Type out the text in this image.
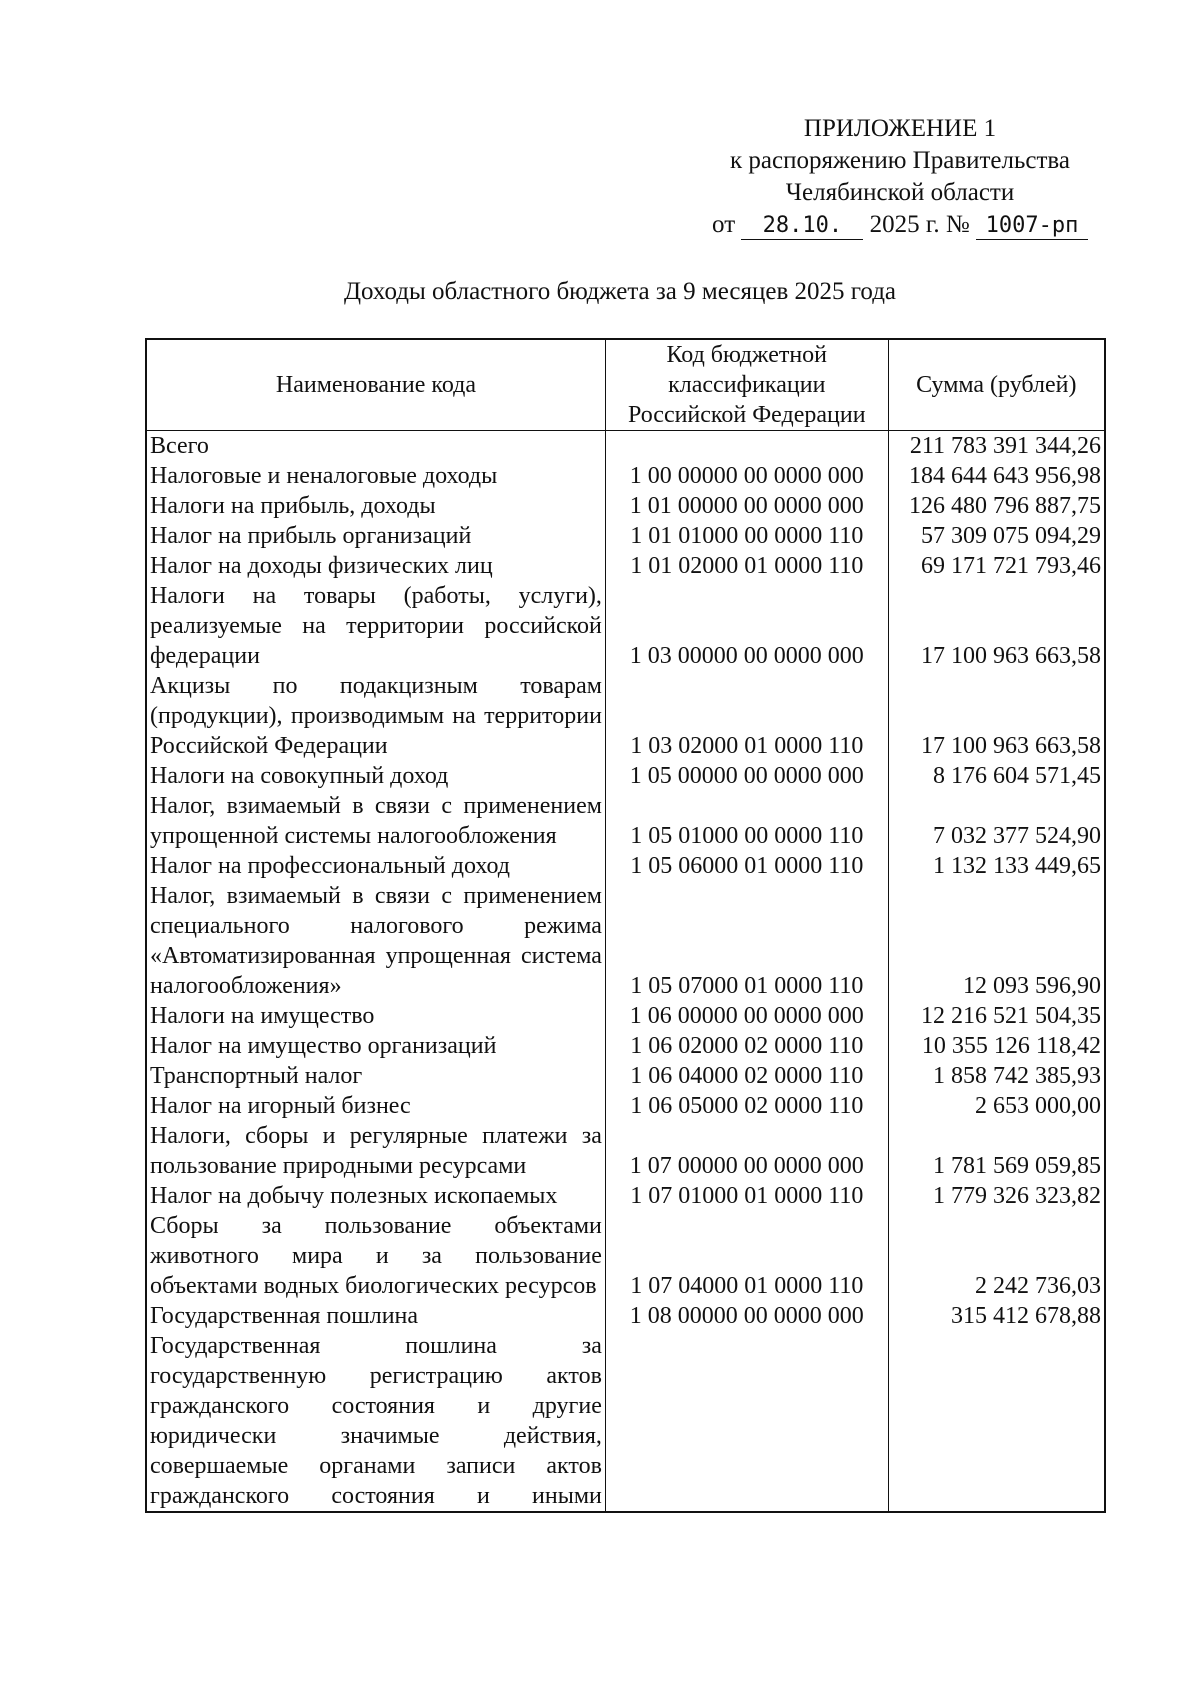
ПРИЛОЖЕНИЕ 1
к распоряжению Правительства
Челябинской области
от 28.10. 2025 г. № 1007-рп
Доходы областного бюджета за 9 месяцев 2025 года
Наименование кода	Код бюджетной классификации Российской Федерации	Сумма (рублей)
Всего		211 783 391 344,26
Налоговые и неналоговые доходы	1 00 00000 00 0000 000	184 644 643 956,98
Налоги на прибыль, доходы	1 01 00000 00 0000 000	126 480 796 887,75
Налог на прибыль организаций	1 01 01000 00 0000 110	57 309 075 094,29
Налог на доходы физических лиц	1 01 02000 01 0000 110	69 171 721 793,46
Налоги на товары (работы, услуги), реализуемые на территории российской федерации	1 03 00000 00 0000 000	17 100 963 663,58
Акцизы по подакцизным товарам (продукции), производимым на территории Российской Федерации	1 03 02000 01 0000 110	17 100 963 663,58
Налоги на совокупный доход	1 05 00000 00 0000 000	8 176 604 571,45
Налог, взимаемый в связи с применением упрощенной системы налогообложения	1 05 01000 00 0000 110	7 032 377 524,90
Налог на профессиональный доход	1 05 06000 01 0000 110	1 132 133 449,65
Налог, взимаемый в связи с применением специального налогового режима «Автоматизированная упрощенная система налогообложения»	1 05 07000 01 0000 110	12 093 596,90
Налоги на имущество	1 06 00000 00 0000 000	12 216 521 504,35
Налог на имущество организаций	1 06 02000 02 0000 110	10 355 126 118,42
Транспортный налог	1 06 04000 02 0000 110	1 858 742 385,93
Налог на игорный бизнес	1 06 05000 02 0000 110	2 653 000,00
Налоги, сборы и регулярные платежи за пользование природными ресурсами	1 07 00000 00 0000 000	1 781 569 059,85
Налог на добычу полезных ископаемых	1 07 01000 01 0000 110	1 779 326 323,82
Сборы за пользование объектами животного мира и за пользование объектами водных биологических ресурсов	1 07 04000 01 0000 110	2 242 736,03
Государственная пошлина	1 08 00000 00 0000 000	315 412 678,88
Государственная пошлина за государственную регистрацию актов гражданского состояния и другие юридически значимые действия, совершаемые органами записи актов гражданского состояния и иными		
